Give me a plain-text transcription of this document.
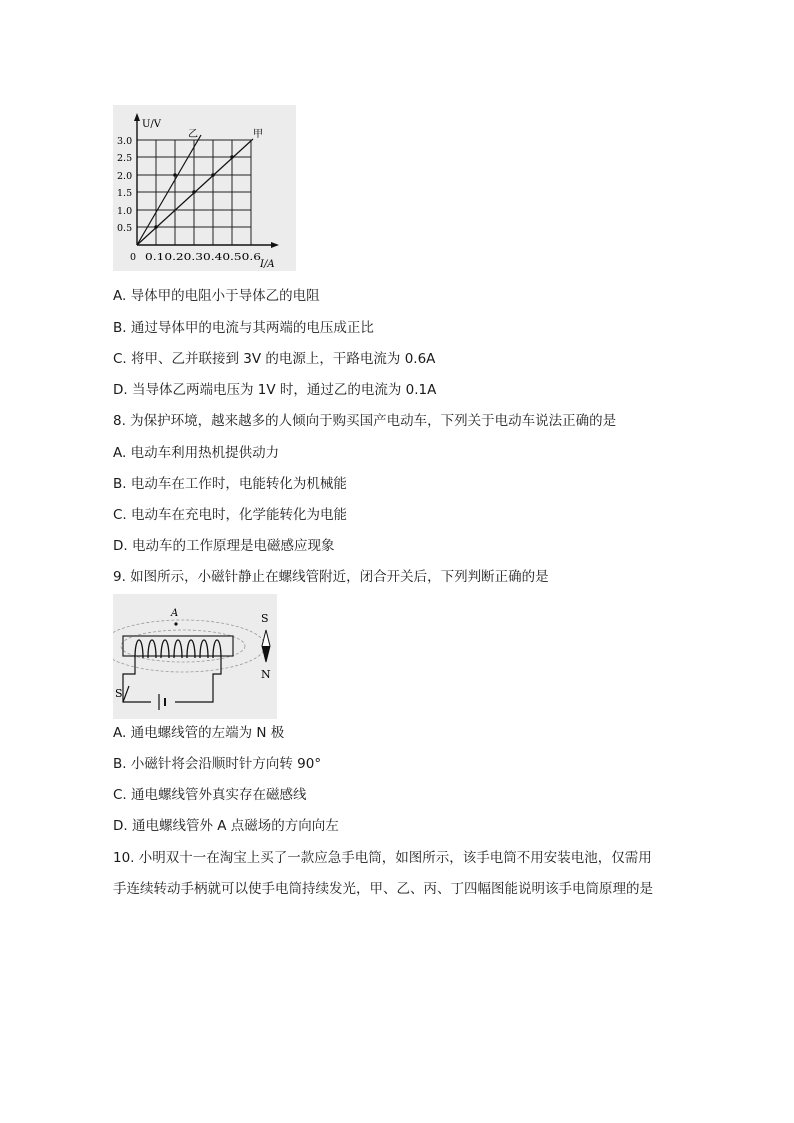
U/V
I/A
0
0.5
1.0
1.5
2.0
2.5
3.0
0.10.20.30.40.50.6
乙	甲
A. 导体甲的电阻小于导体乙的电阻
B. 通过导体甲的电流与其两端的电压成正比
C. 将甲、乙并联接到 3V 的电源上，干路电流为 0.6A
D. 当导体乙两端电压为 1V 时，通过乙的电流为 0.1A
8. 为保护环境，越来越多的人倾向于购买国产电动车，下列关于电动车说法正确的是
A. 电动车利用热机提供动力
B. 电动车在工作时，电能转化为机械能
C. 电动车在充电时，化学能转化为电能
D. 电动车的工作原理是电磁感应现象
9. 如图所示，小磁针静止在螺线管附近，闭合开关后，下列判断正确的是
A
S
S
N
A. 通电螺线管的左端为 N 极
B. 小磁针将会沿顺时针方向转 90°
C. 通电螺线管外真实存在磁感线
D. 通电螺线管外 A 点磁场的方向向左
10. 小明双十一在淘宝上买了一款应急手电筒，如图所示，该手电筒不用安装电池，仅需用
手连续转动手柄就可以使手电筒持续发光，甲、乙、丙、丁四幅图能说明该手电筒原理的是
